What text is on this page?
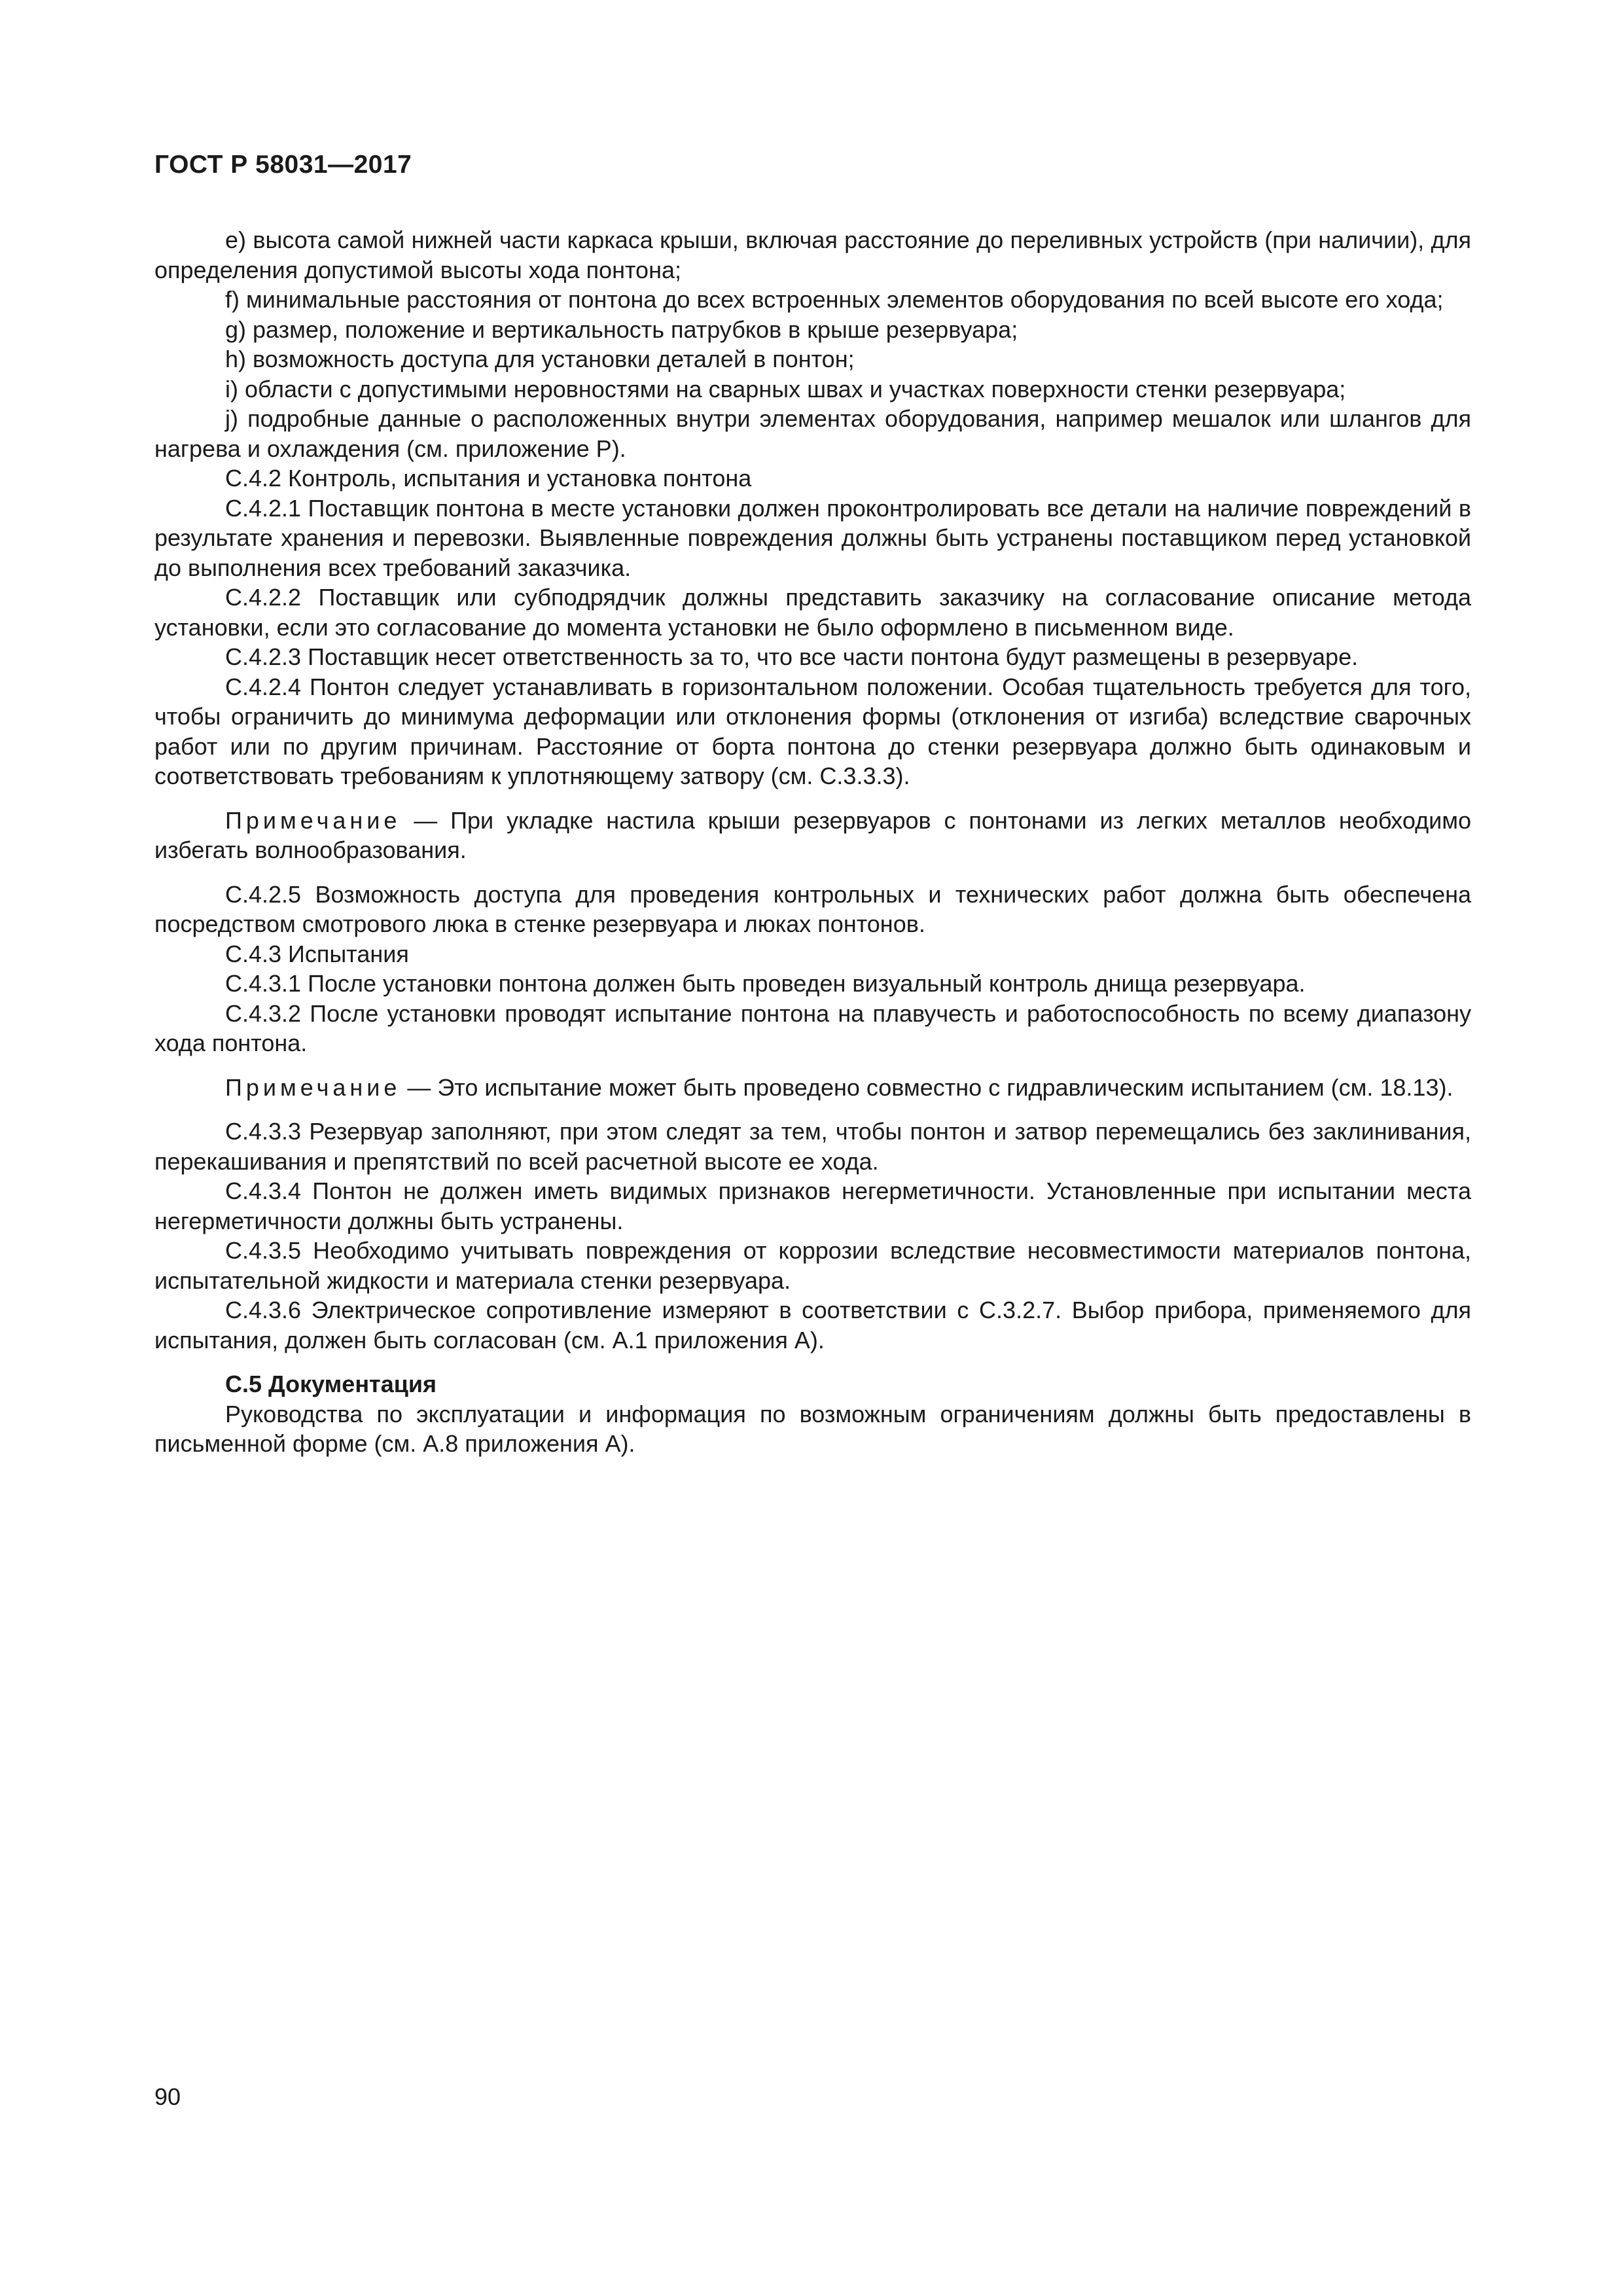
ГОСТ Р 58031—2017

е) высота самой нижней части каркаса крыши, включая расстояние до переливных устройств (при наличии), для определения допустимой высоты хода понтона;

f) минимальные расстояния от понтона до всех встроенных элементов оборудования по всей высоте его хода;

g) размер, положение и вертикальность патрубков в крыше резервуара;

h) возможность доступа для установки деталей в понтон;

i) области с допустимыми неровностями на сварных швах и участках поверхности стенки резервуара;

j) подробные данные о расположенных внутри элементах оборудования, например мешалок или шлангов для нагрева и охлаждения (см. приложение Р).

С.4.2 Контроль, испытания и установка понтона

С.4.2.1 Поставщик понтона в месте установки должен проконтролировать все детали на наличие повреждений в результате хранения и перевозки. Выявленные повреждения должны быть устранены поставщиком перед установкой до выполнения всех требований заказчика.

С.4.2.2 Поставщик или субподрядчик должны представить заказчику на согласование описание метода установки, если это согласование до момента установки не было оформлено в письменном виде.

С.4.2.3 Поставщик несет ответственность за то, что все части понтона будут размещены в резервуаре.

С.4.2.4 Понтон следует устанавливать в горизонтальном положении. Особая тщательность требуется для того, чтобы ограничить до минимума деформации или отклонения формы (отклонения от изгиба) вследствие сварочных работ или по другим причинам. Расстояние от борта понтона до стенки резервуара должно быть одинаковым и соответствовать требованиям к уплотняющему затвору (см. С.3.3.3).

Примечание — При укладке настила крыши резервуаров с понтонами из легких металлов необходимо избегать волнообразования.

С.4.2.5 Возможность доступа для проведения контрольных и технических работ должна быть обеспечена посредством смотрового люка в стенке резервуара и люках понтонов.

С.4.3 Испытания

С.4.3.1 После установки понтона должен быть проведен визуальный контроль днища резервуара.

С.4.3.2 После установки проводят испытание понтона на плавучесть и работоспособность по всему диапазону хода понтона.

Примечание — Это испытание может быть проведено совместно с гидравлическим испытанием (см. 18.13).

С.4.3.3 Резервуар заполняют, при этом следят за тем, чтобы понтон и затвор перемещались без заклинивания, перекашивания и препятствий по всей расчетной высоте ее хода.

С.4.3.4 Понтон не должен иметь видимых признаков негерметичности. Установленные при испытании места негерметичности должны быть устранены.

С.4.3.5 Необходимо учитывать повреждения от коррозии вследствие несовместимости материалов понтона, испытательной жидкости и материала стенки резервуара.

С.4.3.6 Электрическое сопротивление измеряют в соответствии с С.3.2.7. Выбор прибора, применяемого для испытания, должен быть согласован (см. А.1 приложения А).

С.5 Документация

Руководства по эксплуатации и информация по возможным ограничениям должны быть предоставлены в письменной форме (см. А.8 приложения А).

90
